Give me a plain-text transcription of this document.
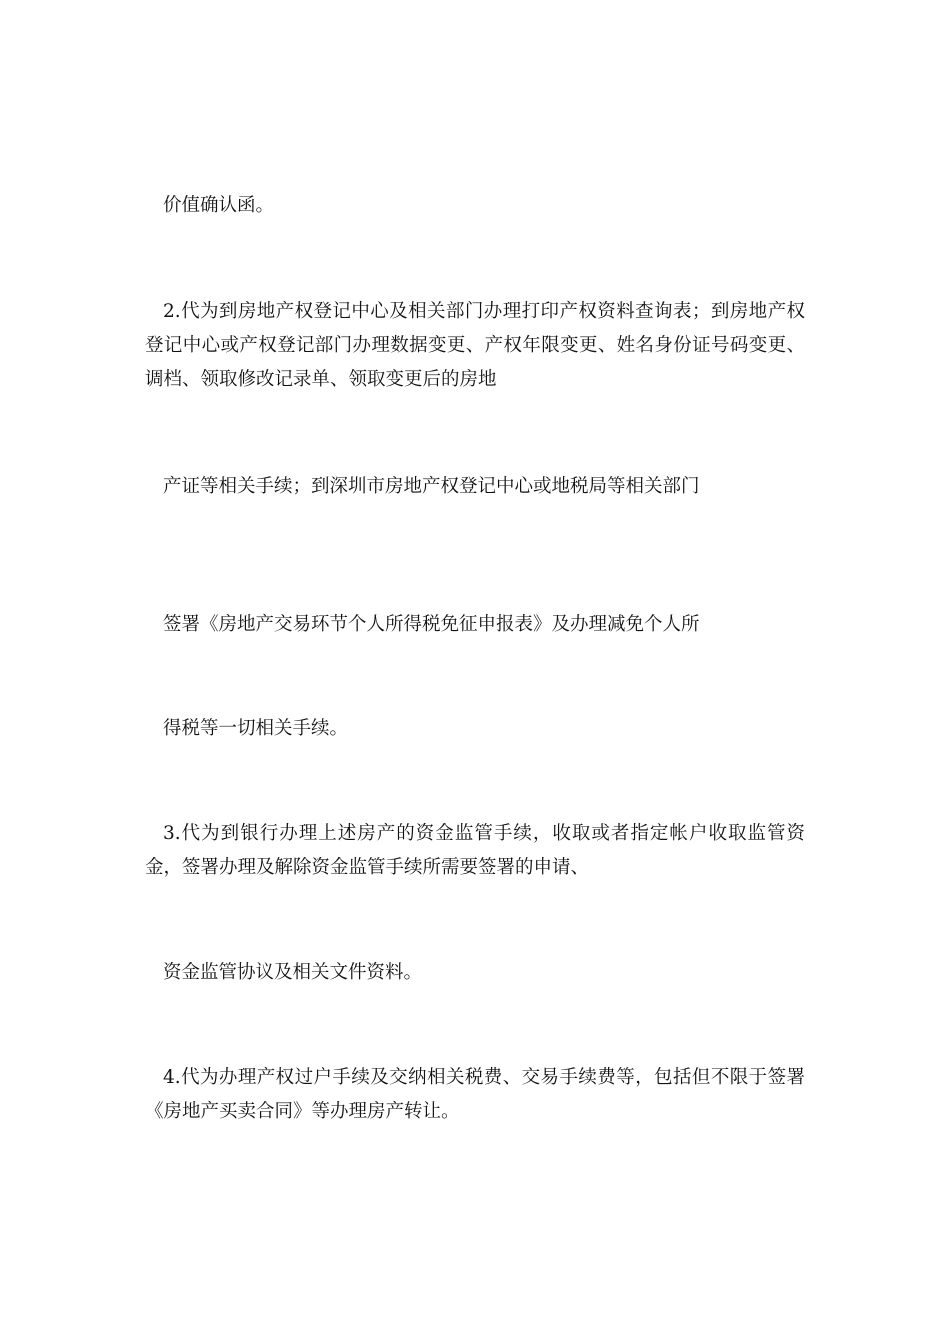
价值确认函。

2.代为到房地产权登记中心及相关部门办理打印产权资料查询表；到房地产权登记中心或产权登记部门办理数据变更、产权年限变更、姓名身份证号码变更、调档、领取修改记录单、领取变更后的房地

产证等相关手续；到深圳市房地产权登记中心或地税局等相关部门

签署《房地产交易环节个人所得税免征申报表》及办理减免个人所

得税等一切相关手续。

3.代为到银行办理上述房产的资金监管手续，收取或者指定帐户收取监管资金，签署办理及解除资金监管手续所需要签署的申请、

资金监管协议及相关文件资料。

4.代为办理产权过户手续及交纳相关税费、交易手续费等，包括但不限于签署《房地产买卖合同》等办理房产转让。
